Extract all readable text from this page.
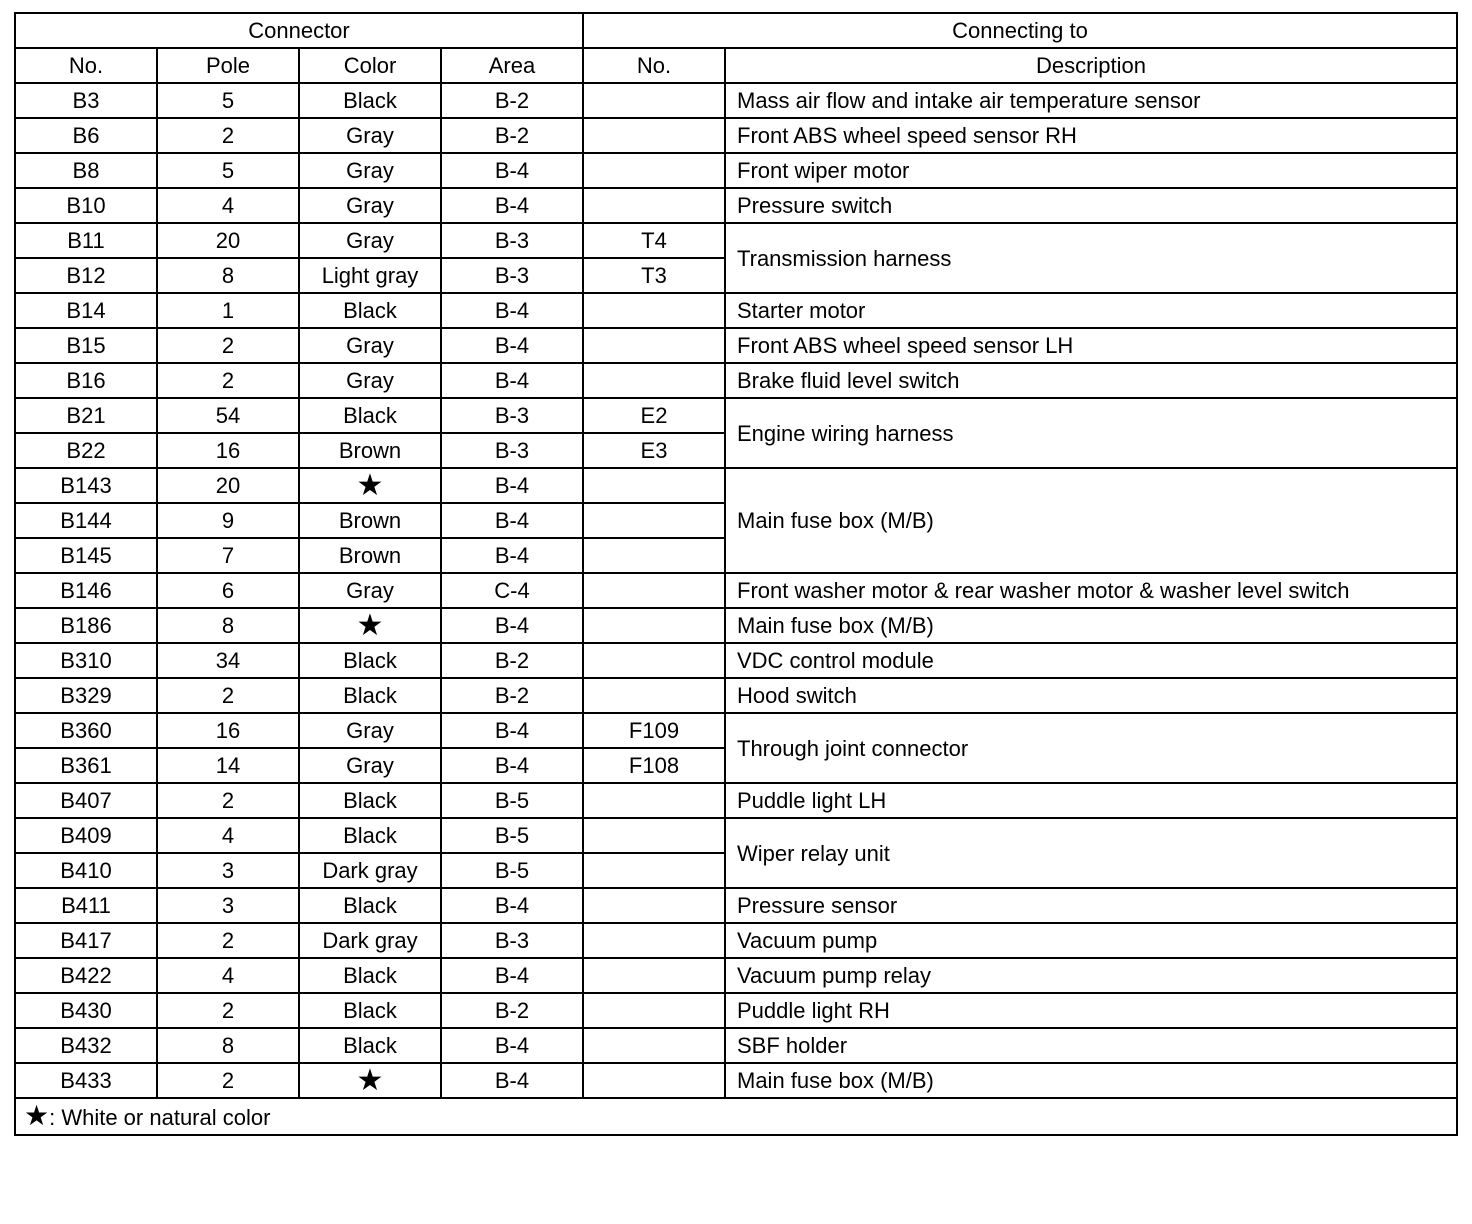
Connector				Connecting to	
No.	Pole	Color	Area	No.	Description
B3	5	Black	B-2		Mass air flow and intake air temperature sensor
B6	2	Gray	B-2		Front ABS wheel speed sensor RH
B8	5	Gray	B-4		Front wiper motor
B10	4	Gray	B-4		Pressure switch
B11	20	Gray	B-3	T4	Transmission harness
B12	8	Light gray	B-3	T3	
B14	1	Black	B-4		Starter motor
B15	2	Gray	B-4		Front ABS wheel speed sensor LH
B16	2	Gray	B-4		Brake fluid level switch
B21	54	Black	B-3	E2	Engine wiring harness
B22	16	Brown	B-3	E3	
B143	20	★	B-4		Main fuse box (M/B)
B144	9	Brown	B-4		
B145	7	Brown	B-4		
B146	6	Gray	C-4		Front washer motor & rear washer motor & washer level switch
B186	8	★	B-4		Main fuse box (M/B)
B310	34	Black	B-2		VDC control module
B329	2	Black	B-2		Hood switch
B360	16	Gray	B-4	F109	Through joint connector
B361	14	Gray	B-4	F108	
B407	2	Black	B-5		Puddle light LH
B409	4	Black	B-5		Wiper relay unit
B410	3	Dark gray	B-5		
B411	3	Black	B-4		Pressure sensor
B417	2	Dark gray	B-3		Vacuum pump
B422	4	Black	B-4		Vacuum pump relay
B430	2	Black	B-2		Puddle light RH
B432	8	Black	B-4		SBF holder
B433	2	★	B-4		Main fuse box (M/B)
★: White or natural color					
